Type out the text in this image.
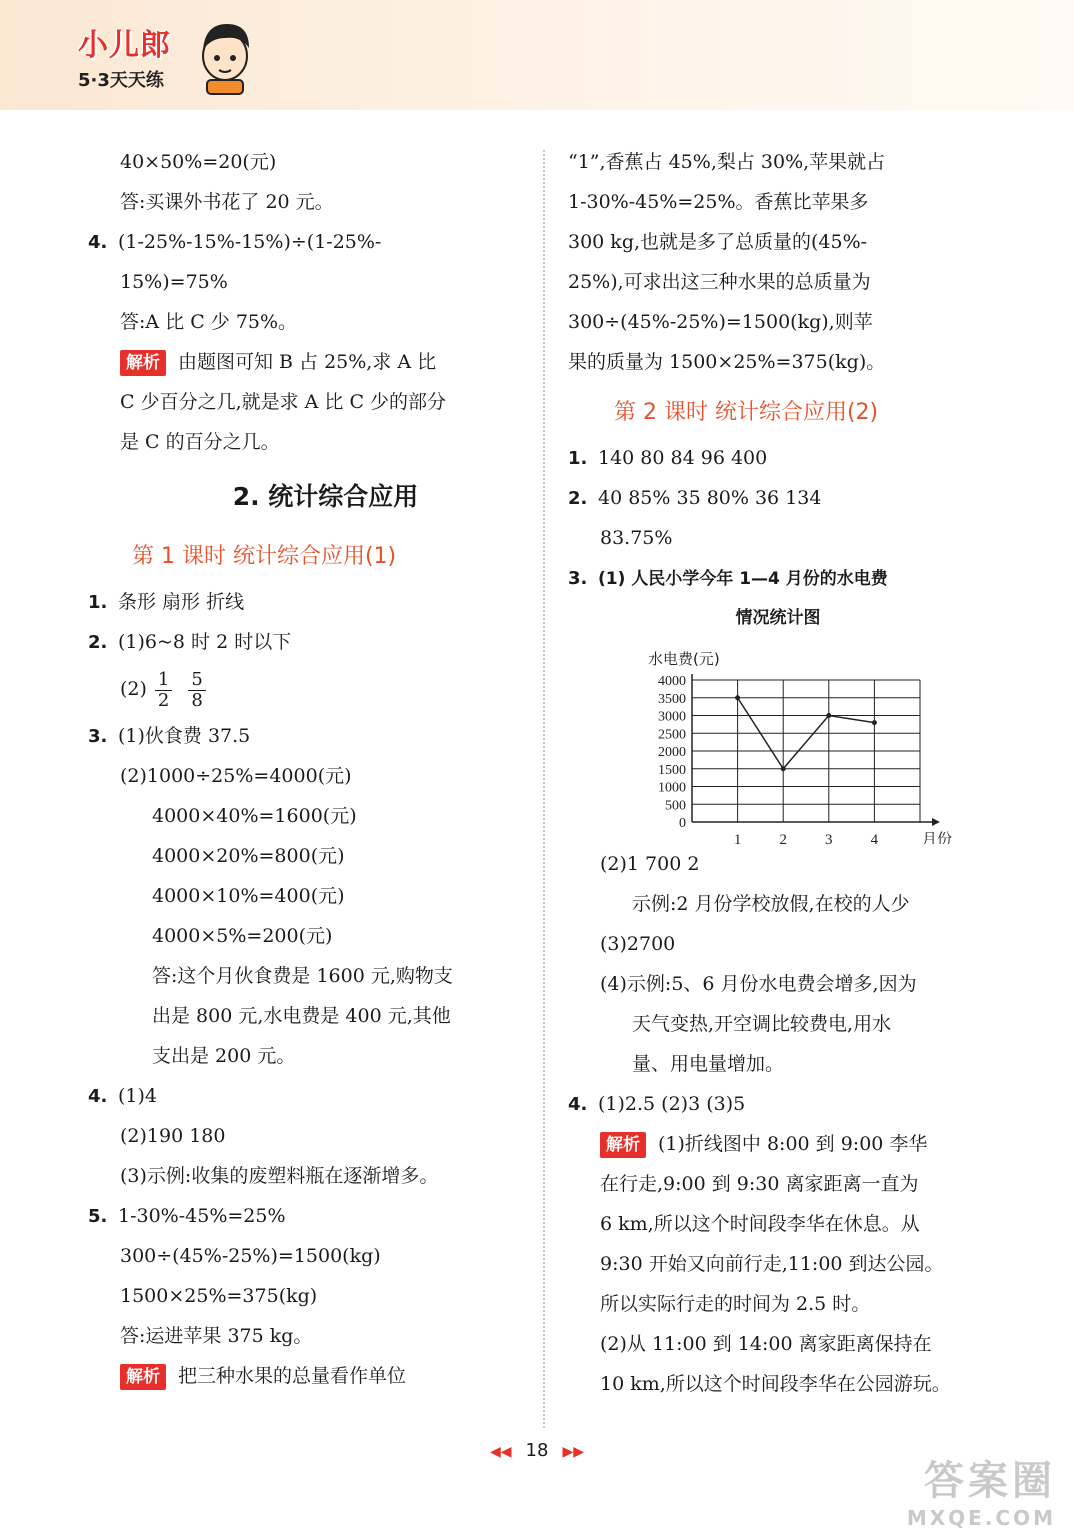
小儿郎
5·3天天练
40×50%=20(元)
答:买课外书花了 20 元。
4. (1-25%-15%-15%)÷(1-25%-
15%)=75%
答:A 比 C 少 75%。
解析 由题图可知 B 占 25%,求 A 比
C 少百分之几,就是求 A 比 C 少的部分
是 C 的百分之几。
2. 统计综合应用
第 1 课时 统计综合应用(1)
1. 条形 扇形 折线
2. (1)6~8 时 2 时以下
$(2) \frac{1}{2} \frac{5}{8}$
3. (1)伙食费 37.5
(2)1000÷25%=4000(元)
4000×40%=1600(元)
4000×20%=800(元)
4000×10%=400(元)
4000×5%=200(元)
答:这个月伙食费是 1600 元,购物支
出是 800 元,水电费是 400 元,其他
支出是 200 元。
4. (1)4
(2)190 180
(3)示例:收集的废塑料瓶在逐渐增多。
5. 1-30%-45%=25%
300÷(45%-25%)=1500(kg)
1500×25%=375(kg)
答:运进苹果 375 kg。
解析 把三种水果的总量看作单位
“1”,香蕉占 45%,梨占 30%,苹果就占
1-30%-45%=25%。香蕉比苹果多
300 kg,也就是多了总质量的(45%-
25%),可求出这三种水果的总质量为
300÷(45%-25%)=1500(kg),则苹
果的质量为 1500×25%=375(kg)。
第 2 课时 统计综合应用(2)
1. 140 80 84 96 400
2. 40 85% 35 80% 36 134
83.75%
3. (1) 人民小学今年 1—4 月份的水电费
情况统计图
0
500
1000
1500
2000
2500
3000
3500
4000
水电费(元)
1	2	3	4	月份
(2)1 700 2
示例:2 月份学校放假,在校的人少
(3)2700
(4)示例:5、6 月份水电费会增多,因为
天气变热,开空调比较费电,用水
量、用电量增加。
4. (1)2.5 (2)3 (3)5
解析 (1)折线图中 8:00 到 9:00 李华
在行走,9:00 到 9:30 离家距离一直为
6 km,所以这个时间段李华在休息。从
9:30 开始又向前行走,11:00 到达公园。
所以实际行走的时间为 2.5 时。
(2)从 11:00 到 14:00 离家距离保持在
10 km,所以这个时间段李华在公园游玩。
◀◀ 18 ▶▶
答案圈
MXQE.COM
